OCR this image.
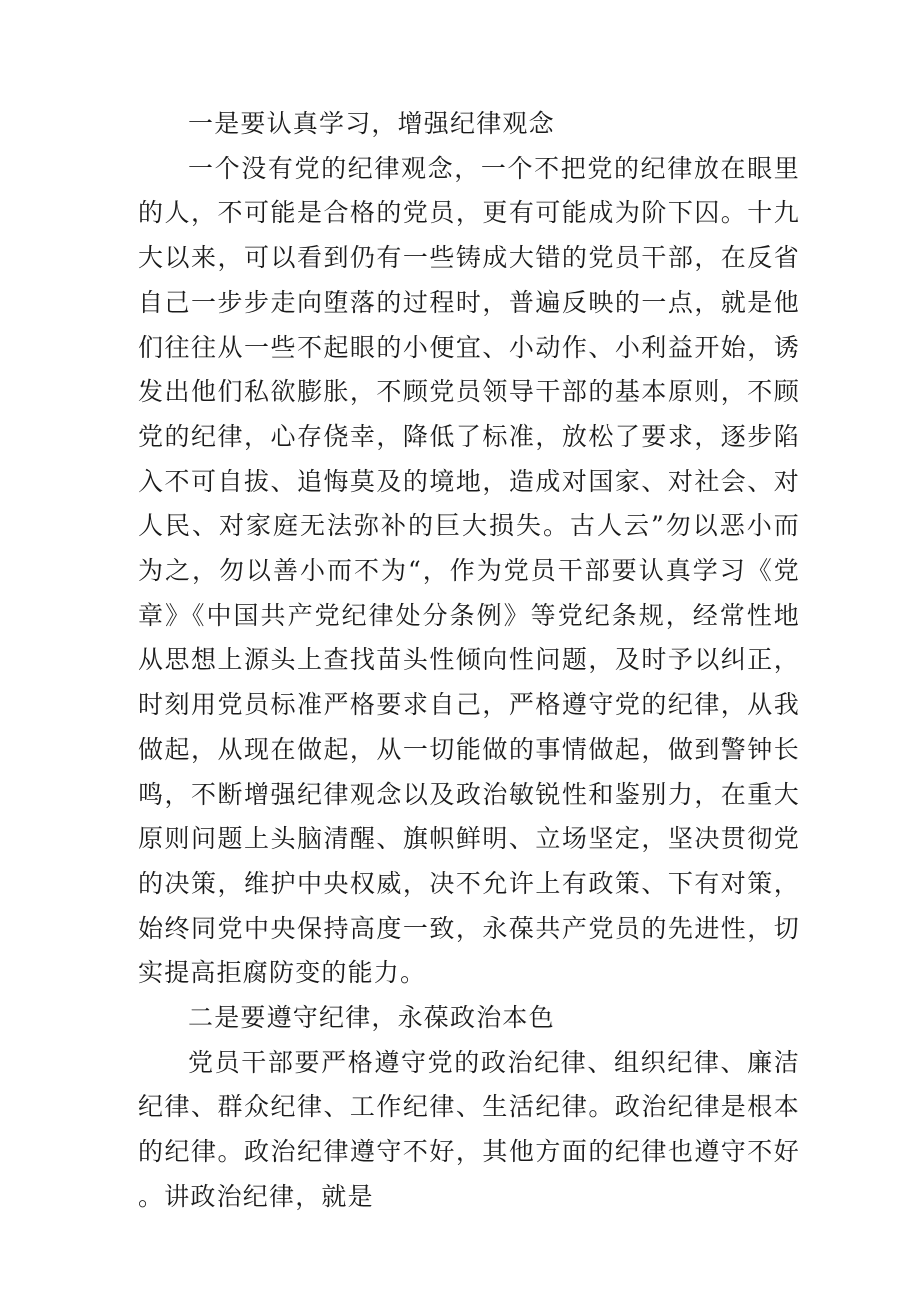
一是要认真学习，增强纪律观念

一个没有党的纪律观念，一个不把党的纪律放在眼里的人，不可能是合格的党员，更有可能成为阶下囚。十九大以来，可以看到仍有一些铸成大错的党员干部，在反省自己一步步走向堕落的过程时，普遍反映的一点，就是他们往往从一些不起眼的小便宜、小动作、小利益开始，诱发出他们私欲膨胀，不顾党员领导干部的基本原则，不顾党的纪律，心存侥幸，降低了标准，放松了要求，逐步陷入不可自拔、追悔莫及的境地，造成对国家、对社会、对人民、对家庭无法弥补的巨大损失。古人云”勿以恶小而为之，勿以善小而不为“，作为党员干部要认真学习《党章》《中国共产党纪律处分条例》等党纪条规，经常性地从思想上源头上查找苗头性倾向性问题，及时予以纠正，时刻用党员标准严格要求自己，严格遵守党的纪律，从我做起，从现在做起，从一切能做的事情做起，做到警钟长鸣，不断增强纪律观念以及政治敏锐性和鉴别力，在重大原则问题上头脑清醒、旗帜鲜明、立场坚定，坚决贯彻党的决策，维护中央权威，决不允许上有政策、下有对策，始终同党中央保持高度一致，永葆共产党员的先进性，切实提高拒腐防变的能力。

二是要遵守纪律，永葆政治本色

党员干部要严格遵守党的政治纪律、组织纪律、廉洁纪律、群众纪律、工作纪律、生活纪律。政治纪律是根本的纪律。政治纪律遵守不好，其他方面的纪律也遵守不好。讲政治纪律，就是
